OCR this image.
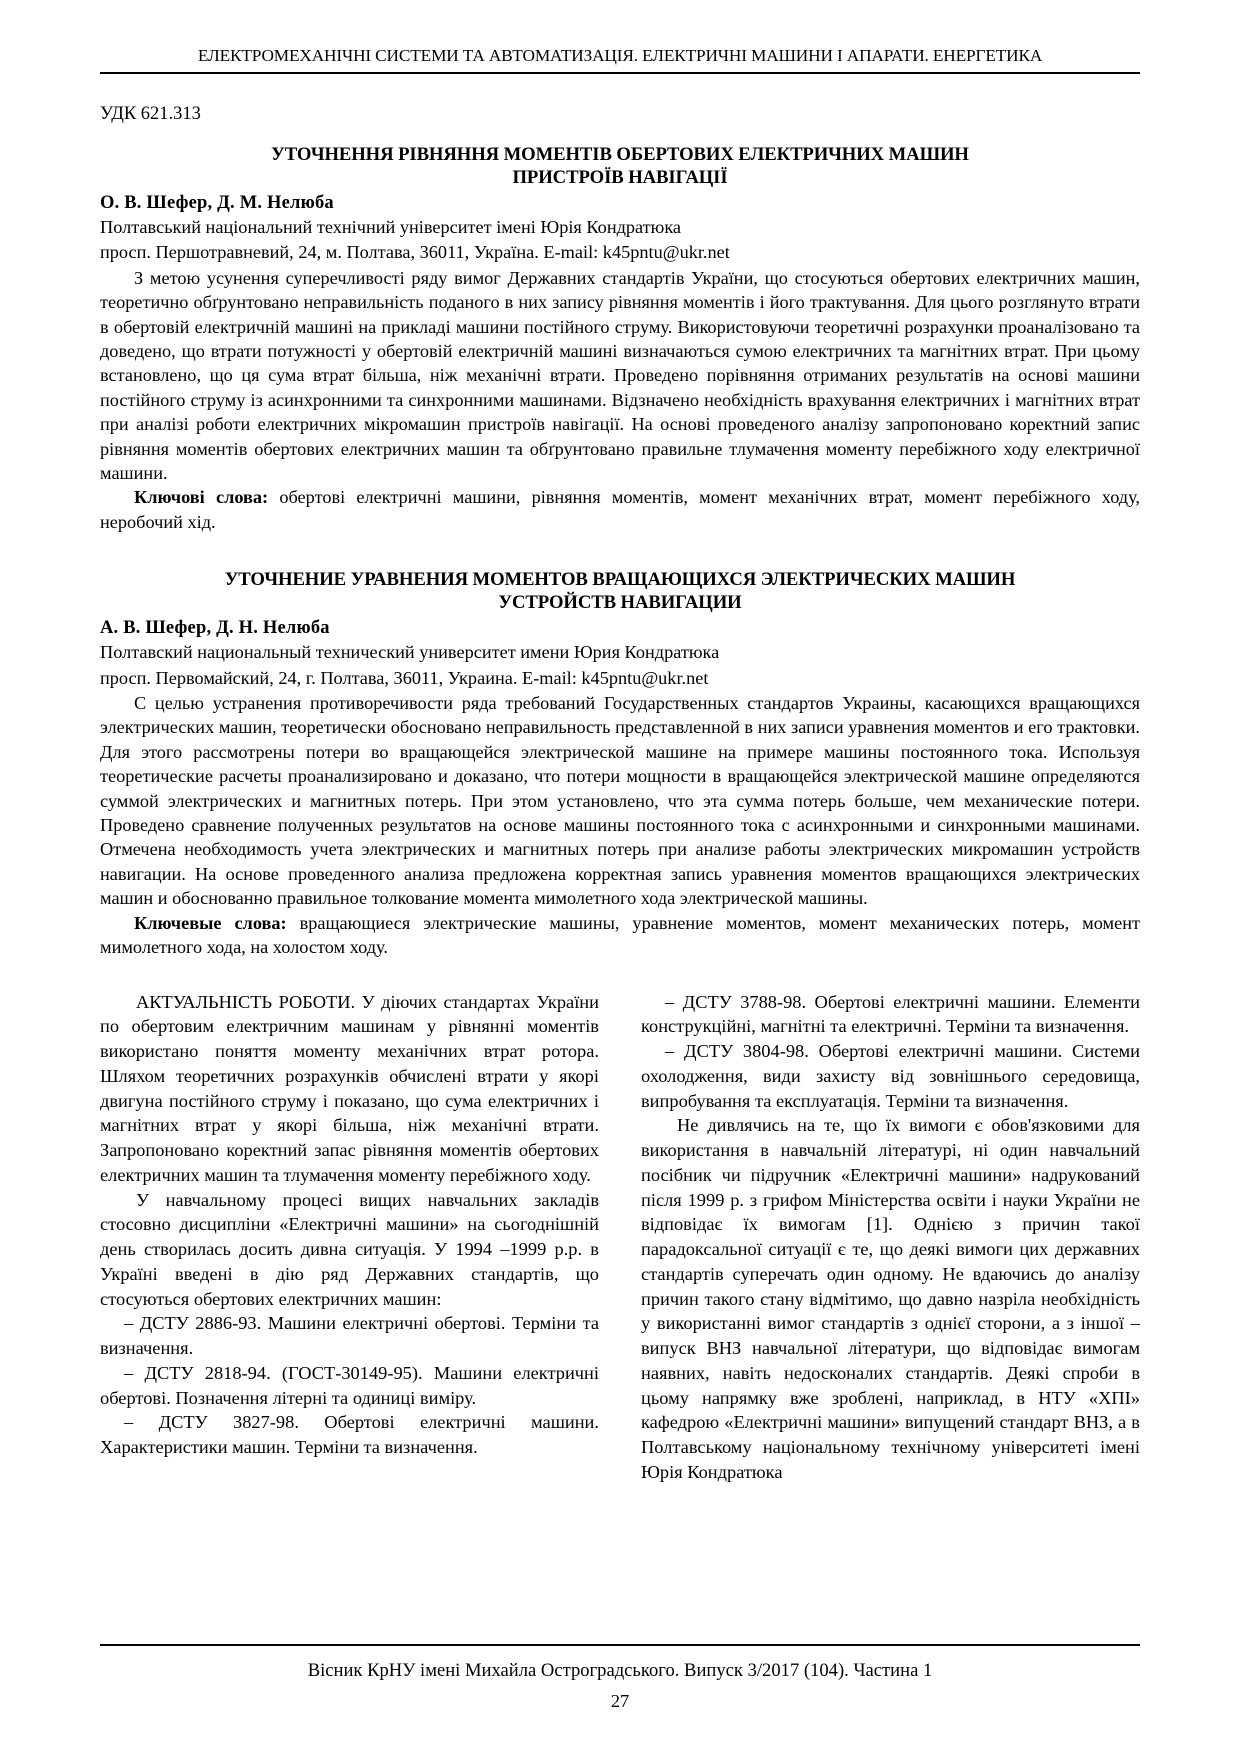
ЕЛЕКТРОМЕХАНІЧНІ СИСТЕМИ ТА АВТОМАТИЗАЦІЯ. ЕЛЕКТРИЧНІ МАШИНИ І АПАРАТИ. ЕНЕРГЕТИКА
УДК 621.313
УТОЧНЕННЯ РІВНЯННЯ МОМЕНТІВ ОБЕРТОВИХ ЕЛЕКТРИЧНИХ МАШИН
ПРИСТРОЇВ НАВІГАЦІЇ
О. В. Шефер, Д. М. Нелюба
Полтавський національний технічний університет імені Юрія Кондратюка
просп. Першотравневий, 24, м. Полтава, 36011, Україна. E-mail: k45pntu@ukr.net
З метою усунення суперечливості ряду вимог Державних стандартів України, що стосуються обертових електричних машин, теоретично обґрунтовано неправильність поданого в них запису рівняння моментів і його трактування. Для цього розглянуто втрати в обертовій електричній машині на прикладі машини постійного струму. Використовуючи теоретичні розрахунки проаналізовано та доведено, що втрати потужності у обертовій електричній машині визначаються сумою електричних та магнітних втрат. При цьому встановлено, що ця сума втрат більша, ніж механічні втрати. Проведено порівняння отриманих результатів на основі машини постійного струму із асинхронними та синхронними машинами. Відзначено необхідність врахування електричних і магнітних втрат при аналізі роботи електричних мікромашин пристроїв навігації. На основі проведеного аналізу запропоновано коректний запис рівняння моментів обертових електричних машин та обґрунтовано правильне тлумачення моменту перебіжного ходу електричної машини.
Ключові слова: обертові електричні машини, рівняння моментів, момент механічних втрат, момент перебіжного ходу, неробочий хід.
УТОЧНЕНИЕ УРАВНЕНИЯ МОМЕНТОВ ВРАЩАЮЩИХСЯ ЭЛЕКТРИЧЕСКИХ МАШИН
УСТРОЙСТВ НАВИГАЦИИ
А. В. Шефер, Д. Н. Нелюба
Полтавский национальный технический университет имени Юрия Кондратюка
просп. Первомайский, 24, г. Полтава, 36011, Украина. E-mail: k45pntu@ukr.net
С целью устранения противоречивости ряда требований Государственных стандартов Украины, касающихся вращающихся электрических машин, теоретически обосновано неправильность представленной в них записи уравнения моментов и его трактовки. Для этого рассмотрены потери во вращающейся электрической машине на примере машины постоянного тока. Используя теоретические расчеты проанализировано и доказано, что потери мощности в вращающейся электрической машине определяются суммой электрических и магнитных потерь. При этом установлено, что эта сумма потерь больше, чем механические потери. Проведено сравнение полученных результатов на основе машины постоянного тока с асинхронными и синхронными машинами. Отмечена необходимость учета электрических и магнитных потерь при анализе работы электрических микромашин устройств навигации. На основе проведенного анализа предложена корректная запись уравнения моментов вращающихся электрических машин и обоснованно правильное толкование момента мимолетного хода электрической машины.
Ключевые слова: вращающиеся электрические машины, уравнение моментов, момент механических потерь, момент мимолетного хода, на холостом ходу.

АКТУАЛЬНІСТЬ РОБОТИ. У діючих стандартах України по обертовим електричним машинам у рівнянні моментів використано поняття моменту механічних втрат ротора. Шляхом теоретичних розрахунків обчислені втрати у якорі двигуна постійного струму і показано, що сума електричних і магнітних втрат у якорі більша, ніж механічні втрати. Запропоновано коректний запас рівняння моментів обертових електричних машин та тлумачення моменту перебіжного ходу.

У навчальному процесі вищих навчальних закладів стосовно дисципліни «Електричні машини» на сьогоднішній день створилась досить дивна ситуація. У 1994 –1999 р.р. в Україні введені в дію ряд Державних стандартів, що стосуються обертових електричних машин:

– ДСТУ 2886-93. Машини електричні обертові. Терміни та визначення.

– ДСТУ 2818-94. (ГОСТ-30149-95). Машини електричні обертові. Позначення літерні та одиниці виміру.

– ДСТУ 3827-98. Обертові електричні машини. Характеристики машин. Терміни та визначення.

– ДСТУ 3788-98. Обертові електричні машини. Елементи конструкційні, магнітні та електричні. Терміни та визначення.

– ДСТУ 3804-98. Обертові електричні машини. Системи охолодження, види захисту від зовнішнього середовища, випробування та експлуатація. Терміни та визначення.

Не дивлячись на те, що їх вимоги є обов'язковими для використання в навчальній літературі, ні один навчальний посібник чи підручник «Електричні машини» надрукований після 1999 р. з грифом Міністерства освіти і науки України не відповідає їх вимогам [1]. Однією з причин такої парадоксальної ситуації є те, що деякі вимоги цих державних стандартів суперечать один одному. Не вдаючись до аналізу причин такого стану відмітимо, що давно назріла необхідність у використанні вимог стандартів з однієї сторони, а з іншої – випуск ВНЗ навчальної літератури, що відповідає вимогам наявних, навіть недосконалих стандартів. Деякі спроби в цьому напрямку вже зроблені, наприклад, в НТУ «ХПІ» кафедрою «Електричні машини» випущений стандарт ВНЗ, а в Полтавському національному технічному університеті імені Юрія Кондратюка

Вісник КрНУ імені Михайла Остроградського. Випуск 3/2017 (104). Частина 1
27
